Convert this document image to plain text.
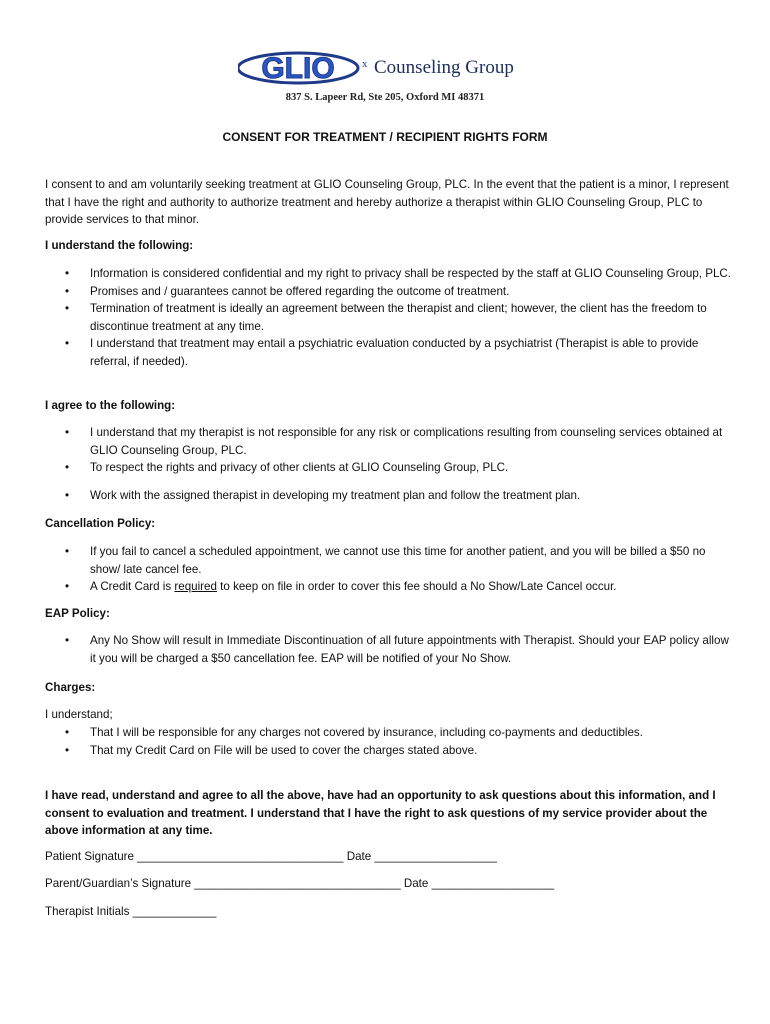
GLIO x Counseling Group
837 S. Lapeer Rd, Ste 205, Oxford MI 48371
CONSENT FOR TREATMENT / RECIPIENT RIGHTS FORM
I consent to and am voluntarily seeking treatment at GLIO Counseling Group, PLC. In the event that the patient is a minor, I represent that I have the right and authority to authorize treatment and hereby authorize a therapist within GLIO Counseling Group, PLC to provide services to that minor.
I understand the following:
• Information is considered confidential and my right to privacy shall be respected by the staff at GLIO Counseling Group, PLC.
• Promises and / guarantees cannot be offered regarding the outcome of treatment.
• Termination of treatment is ideally an agreement between the therapist and client; however, the client has the freedom to discontinue treatment at any time.
• I understand that treatment may entail a psychiatric evaluation conducted by a psychiatrist (Therapist is able to provide referral, if needed).
I agree to the following:
• I understand that my therapist is not responsible for any risk or complications resulting from counseling services obtained at GLIO Counseling Group, PLC.
• To respect the rights and privacy of other clients at GLIO Counseling Group, PLC.
• Work with the assigned therapist in developing my treatment plan and follow the treatment plan.
Cancellation Policy:
• If you fail to cancel a scheduled appointment, we cannot use this time for another patient, and you will be billed a $50 no show/ late cancel fee.
• A Credit Card is required to keep on file in order to cover this fee should a No Show/Late Cancel occur.
EAP Policy:
• Any No Show will result in Immediate Discontinuation of all future appointments with Therapist. Should your EAP policy allow it you will be charged a $50 cancellation fee. EAP will be notified of your No Show.
Charges:
I understand;
• That I will be responsible for any charges not covered by insurance, including co-payments and deductibles.
• That my Credit Card on File will be used to cover the charges stated above.
I have read, understand and agree to all the above, have had an opportunity to ask questions about this information, and I consent to evaluation and treatment. I understand that I have the right to ask questions of my service provider about the above information at any time.
Patient Signature ________________________________ Date ___________________
Parent/Guardian’s Signature ________________________________ Date ___________________
Therapist Initials _____________
